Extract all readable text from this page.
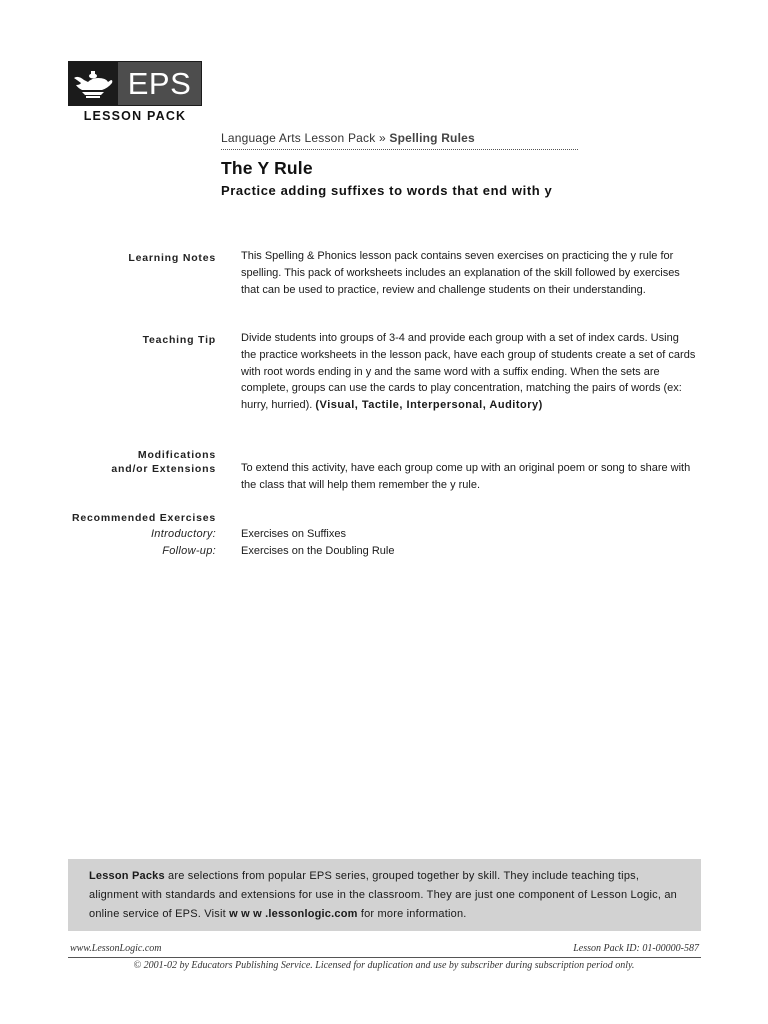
EPS
LESSON PACK
Language Arts Lesson Pack » Spelling Rules
The Y Rule
Practice adding suffixes to words that end with y
Learning Notes This Spelling & Phonics lesson pack contains seven exercises on practicing the y rule for spelling. This pack of worksheets includes an explanation of the skill followed by exercises that can be used to practice, review and challenge students on their understanding.
Teaching Tip Divide students into groups of 3-4 and provide each group with a set of index cards. Using the practice worksheets in the lesson pack, have each group of students create a set of cards with root words ending in y and the same word with a suffix ending. When the sets are complete, groups can use the cards to play concentration, matching the pairs of words (ex: hurry, hurried). (Visual, Tactile, Interpersonal, Auditory)
Modifications
and/or Extensions To extend this activity, have each group come up with an original poem or song to share with the class that will help them remember the y rule.
Recommended Exercises
Introductory: Exercises on Suffixes
Follow-up: Exercises on the Doubling Rule
Lesson Packs are selections from popular EPS series, grouped together by skill. They include teaching tips, alignment with standards and extensions for use in the classroom. They are just one component of Lesson Logic, an online service of EPS. Visit w w w .lessonlogic.com for more information.
www.LessonLogic.com	Lesson Pack ID: 01-00000-587
© 2001-02 by Educators Publishing Service. Licensed for duplication and use by subscriber during subscription period only.
